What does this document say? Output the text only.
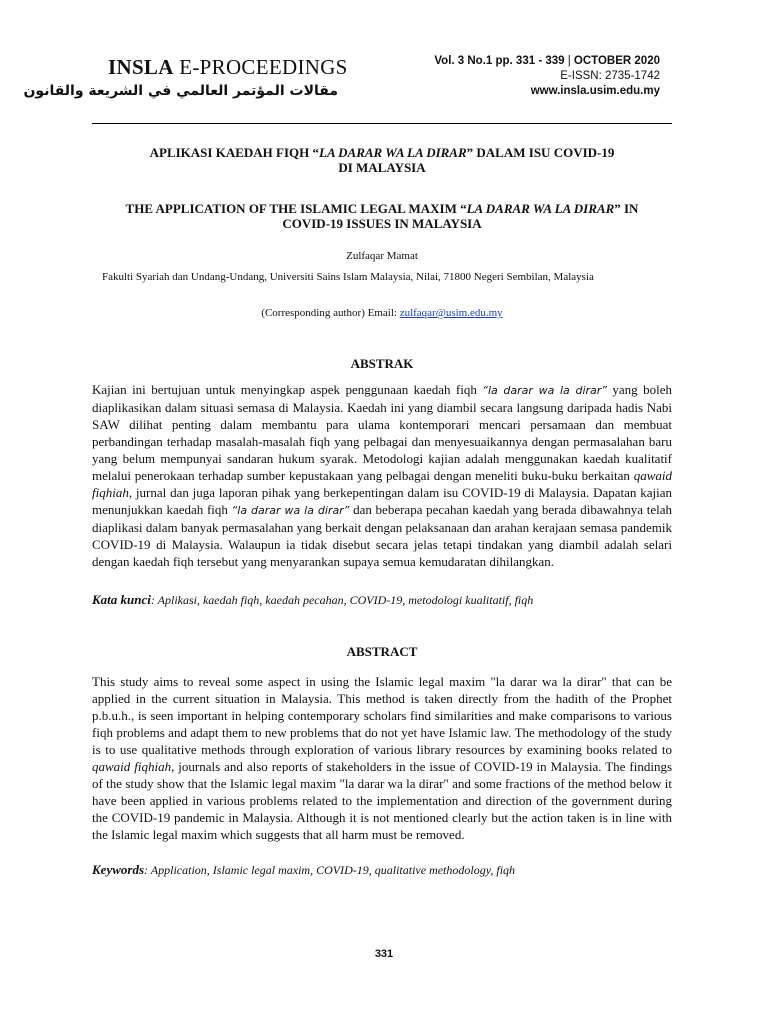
INSLA E-PROCEEDINGS
مقالات المؤتمر العالمي في الشريعة والقانون
Vol. 3 No.1 pp. 331 - 339 | OCTOBER 2020
E-ISSN: 2735-1742
www.insla.usim.edu.my
APLIKASI KAEDAH FIQH “LA DARAR WA LA DIRAR” DALAM ISU COVID-19
DI MALAYSIA
THE APPLICATION OF THE ISLAMIC LEGAL MAXIM “LA DARAR WA LA DIRAR” IN
COVID-19 ISSUES IN MALAYSIA
Zulfaqar Mamat
Fakulti Syariah dan Undang-Undang, Universiti Sains Islam Malaysia, Nilai, 71800 Negeri Sembilan, Malaysia
(Corresponding author) Email: zulfaqar@usim.edu.my
ABSTRAK
Kajian ini bertujuan untuk menyingkap aspek penggunaan kaedah fiqh “la darar wa la dirar” yang boleh diaplikasikan dalam situasi semasa di Malaysia. Kaedah ini yang diambil secara langsung daripada hadis Nabi SAW dilihat penting dalam membantu para ulama kontemporari mencari persamaan dan membuat perbandingan terhadap masalah-masalah fiqh yang pelbagai dan menyesuaikannya dengan permasalahan baru yang belum mempunyai sandaran hukum syarak. Metodologi kajian adalah menggunakan kaedah kualitatif melalui penerokaan terhadap sumber kepustakaan yang pelbagai dengan meneliti buku-buku berkaitan qawaid fiqhiah, jurnal dan juga laporan pihak yang berkepentingan dalam isu COVID-19 di Malaysia. Dapatan kajian menunjukkan kaedah fiqh “la darar wa la dirar” dan beberapa pecahan kaedah yang berada dibawahnya telah diaplikasi dalam banyak permasalahan yang berkait dengan pelaksanaan dan arahan kerajaan semasa pandemik COVID-19 di Malaysia. Walaupun ia tidak disebut secara jelas tetapi tindakan yang diambil adalah selari dengan kaedah fiqh tersebut yang menyarankan supaya semua kemudaratan dihilangkan.
Kata kunci: Aplikasi, kaedah fiqh, kaedah pecahan, COVID-19, metodologi kualitatif, fiqh
ABSTRACT
This study aims to reveal some aspect in using the Islamic legal maxim "la darar wa la dirar" that can be applied in the current situation in Malaysia. This method is taken directly from the hadith of the Prophet p.b.u.h., is seen important in helping contemporary scholars find similarities and make comparisons to various fiqh problems and adapt them to new problems that do not yet have Islamic law. The methodology of the study is to use qualitative methods through exploration of various library resources by examining books related to qawaid fiqhiah, journals and also reports of stakeholders in the issue of COVID-19 in Malaysia. The findings of the study show that the Islamic legal maxim "la darar wa la dirar" and some fractions of the method below it have been applied in various problems related to the implementation and direction of the government during the COVID-19 pandemic in Malaysia. Although it is not mentioned clearly but the action taken is in line with the Islamic legal maxim which suggests that all harm must be removed.
Keywords: Application, Islamic legal maxim, COVID-19, qualitative methodology, fiqh
331
